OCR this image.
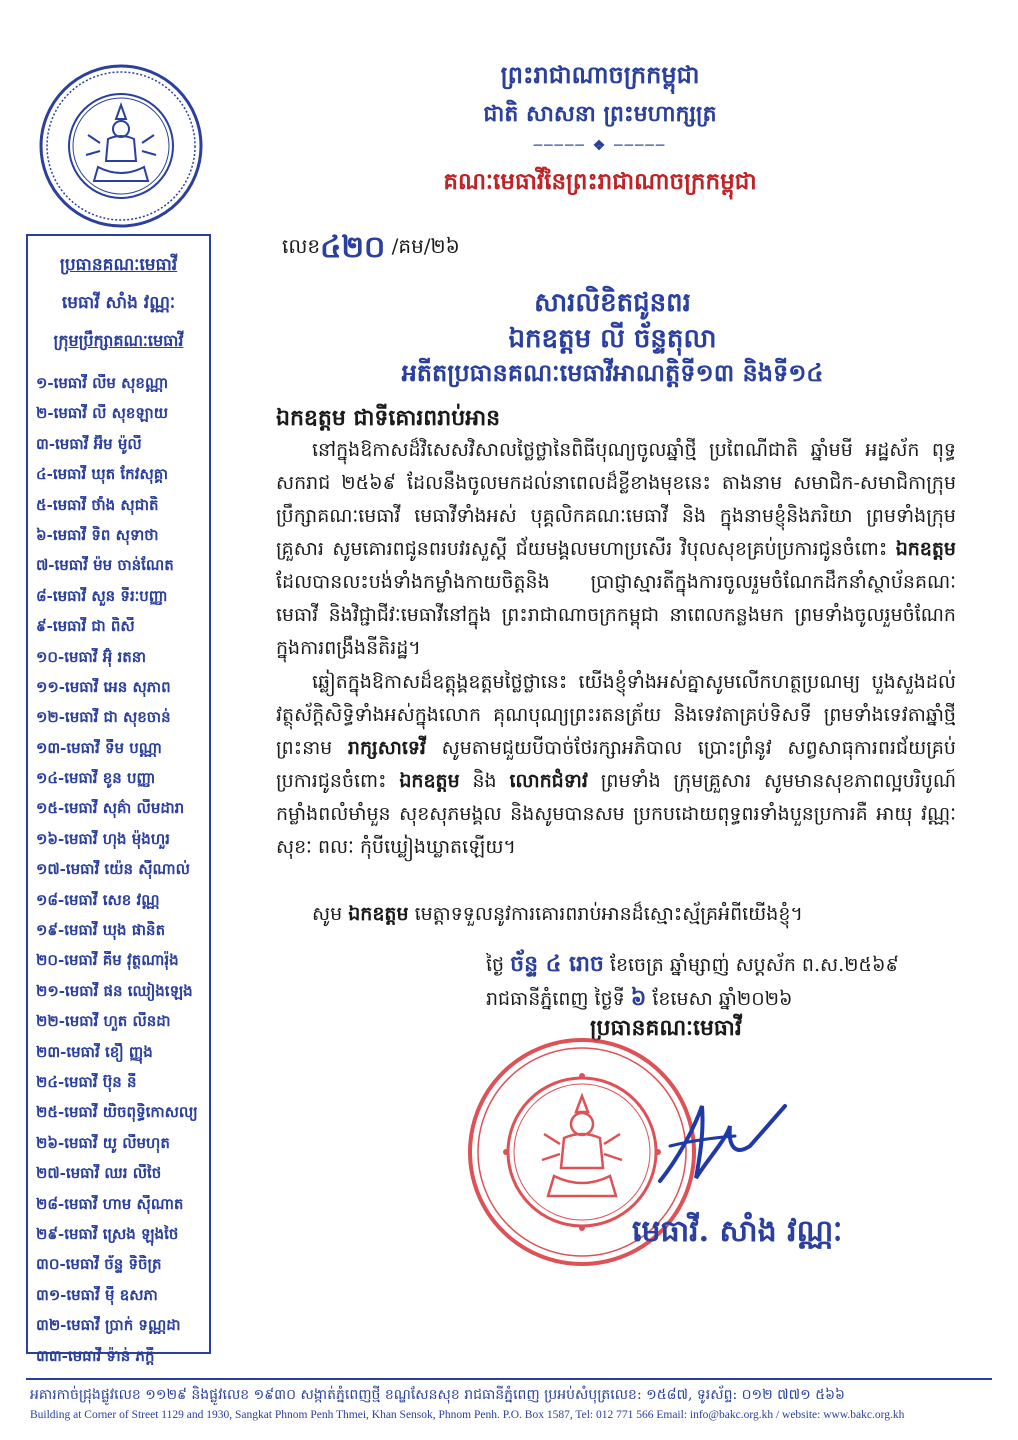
ព្រះរាជាណាចក្រកម្ពុជា
ជាតិ សាសនា ព្រះមហាក្សត្រ
───── ❖ ─────
គណៈមេធាវីនៃព្រះរាជាណាចក្រកម្ពុជា
ប្រធានគណៈមេធាវី
មេធាវី សាំង វណ្ណៈ
ក្រុមប្រឹក្សាគណៈមេធាវី
១-មេធាវី លីម សុខណ្ណា
២-មេធាវី លី សុខឡាយ
៣-មេធាវី អ៊ឹម ម៉ូលី
៤-មេធាវី ឃុត កែវសុគ្គា
៥-មេធាវី ថាំង សុជាតិ
៦-មេធាវី ទិព សុទាថា
៧-មេធាវី ម៉ម ចាន់ណែត
៨-មេធាវី សួន ទីរៈបញ្ញា
៩-មេធាវី ជា ពិសី
១០-មេធាវី អ៊ុំ រតនា
១១-មេធាវី អេន សុភាព
១២-មេធាវី ជា សុខចាន់
១៣-មេធាវី ទឹម បណ្ណា
១៤-មេធាវី ខូន បញ្ញា
១៥-មេធាវី សុគ៌ា លីមដារា
១៦-មេធាវី ហុង ម៉ុងហួរ
១៧-មេធាវី យ៉េន ស៊ីណាល់
១៨-មេធាវី សេខ វណ្ណ
១៩-មេធាវី ឃុង ផានិត
២០-មេធាវី គីម វុត្ថណារ៉ុង
២១-មេធាវី ផន ឈៀងឡេង
២២-មេធាវី ហួត លីនដា
២៣-មេធាវី ខឿ ញ្ញុង
២៤-មេធាវី ប៊ុន នី
២៥-មេធាវី យិចពុទ្ធិកោសល្យ
២៦-មេធាវី យូ លីមហុត
២៧-មេធាវី ឈរ លីថៃ
២៨-មេធាវី ហាម ស៊ីណាត
២៩-មេធាវី ស្រេង ឡុងថៃ
៣០-មេធាវី ច័ន្ទ ទិចិត្រ
៣១-មេធាវី ម៉ី ឧសភា
៣២-មេធាវី ប្រាក់ ទណ្ណដា
៣៣-មេធាវី ទ៉ាន់ ភក្តី
លេខ៤២០ /គម/២៦
សារលិខិតជូនពរ
ឯកឧត្តម លី ច័ន្ទតុលា
អតីតប្រធានគណៈមេធាវីអាណត្តិទី១៣ និងទី១៤
ឯកឧត្តម ជាទីគោរពរាប់អាន

នៅក្នុងឱកាសដ៏វិសេសវិសាលថ្លៃថ្លានៃពិធីបុណ្យចូលឆ្នាំថ្មី ប្រពៃណីជាតិ ឆ្នាំមមី អដ្ឋស័ក ពុទ្ធសករាជ ២៥៦៩ ដែលនឹងចូលមកដល់នាពេលដ៏ខ្លីខាងមុខនេះ តាងនាម សមាជិក-សមាជិកាក្រុមប្រឹក្សាគណៈមេធាវី មេធាវីទាំងអស់ បុគ្គលិកគណៈមេធាវី និង ក្នុងនាមខ្ញុំនិងភរិយា ព្រមទាំងក្រុមគ្រួសារ សូមគោរពជូនពរបវរសួស្តី ជ័យមង្គលមហាប្រសើរ វិបុលសុខគ្រប់ប្រការជូនចំពោះ ឯកឧត្តម ដែលបានលះបង់ទាំងកម្លាំងកាយចិត្តនិង ប្រាជ្ញាស្មារតីក្នុងការចូលរួមចំណែកដឹកនាំស្ថាប័នគណៈមេធាវី និងវិជ្ជាជីវៈមេធាវីនៅក្នុង ព្រះរាជាណាចក្រកម្ពុជា នាពេលកន្លងមក ព្រមទាំងចូលរួមចំណែកក្នុងការពង្រឹងនីតិរដ្ឋ។

ឆ្លៀតក្នុងឱកាសដ៏ឧត្តុង្គឧត្តមថ្លៃថ្លានេះ យើងខ្ញុំទាំងអស់គ្នាសូមលើកហត្ថប្រណម្យ បួងសួងដល់វត្ថុស័ក្តិសិទ្ធិទាំងអស់ក្នុងលោក គុណបុណ្យព្រះរតនត្រ័យ និងទេវតាគ្រប់ទិសទី ព្រមទាំងទេវតាឆ្នាំថ្មី ព្រះនាម រាក្សសាទេវី សូមតាមជួយបីបាច់ថែរក្សាអភិបាល ប្រោះព្រំនូវ សព្វសាធុការពរជ័យគ្រប់ប្រការជូនចំពោះ ឯកឧត្តម និង លោកជំទាវ ព្រមទាំង ក្រុមគ្រួសារ សូមមានសុខភាពល្អបរិបូណ៍ កម្លាំងពលំមាំមួន សុខសុភមង្គល និងសូមបានសម ប្រកបដោយពុទ្ធពរទាំងបួនប្រការគឺ អាយុ វណ្ណៈ សុខៈ ពលៈ កុំបីឃ្លៀងឃ្លាតឡើយ។

សូម ឯកឧត្តម មេត្តាទទួលនូវការគោរពរាប់អានដ៏ស្មោះស្ម័គ្រអំពីយើងខ្ញុំ។

ថ្ងៃ ច័ន្ទ ៤ រោច ខែចេត្រ ឆ្នាំម្សាញ់ សប្តស័ក ព.ស.២៥៦៩
រាជធានីភ្នំពេញ ថ្ងៃទី ៦ ខែមេសា ឆ្នាំ២០២៦
ប្រធានគណៈមេធាវី
មេធាវី. សាំង វណ្ណៈ
អគារកាច់ជ្រុងផ្លូវលេខ ១១២៩ និងផ្លូវលេខ ១៩៣០ សង្កាត់ភ្នំពេញថ្មី ខណ្ឌសែនសុខ រាជធានីភ្នំពេញ ប្រអប់សំបុត្រលេខ: ១៥៨៧, ទូរស័ព្ទ: ០១២ ៧៧១ ៥៦៦
Building at Corner of Street 1129 and 1930, Sangkat Phnom Penh Thmei, Khan Sensok, Phnom Penh. P.O. Box 1587, Tel: 012 771 566 Email: info@bakc.org.kh / website: www.bakc.org.kh
